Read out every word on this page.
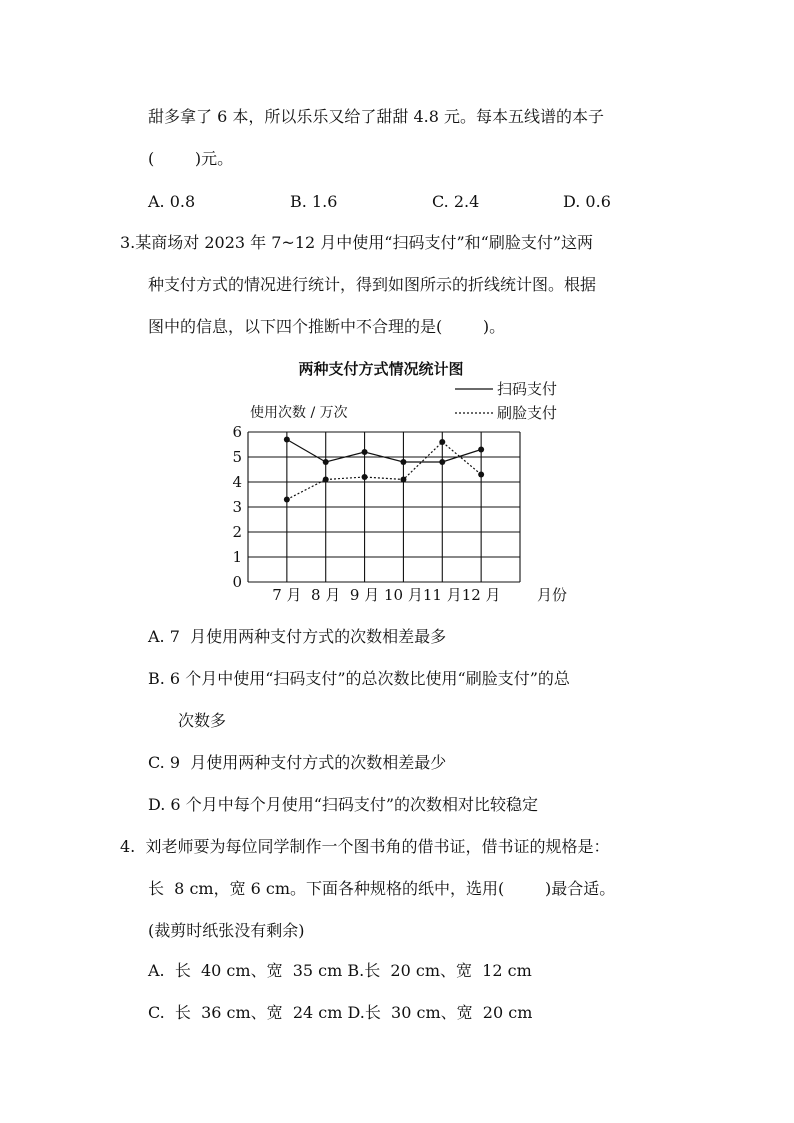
甜多拿了 6 本，所以乐乐又给了甜甜 4.8 元。每本五线谱的本子
(        )元。
A. 0.8	B. 1.6	C. 2.4	D. 0.6
3.某商场对 2023 年 7~12 月中使用“扫码支付”和“刷脸支付”这两
种支付方式的情况进行统计，得到如图所示的折线统计图。根据
图中的信息，以下四个推断中不合理的是(        )。
两种支付方式情况统计图
扫码支付
刷脸支付
使用次数 / 万次
0
1
2
3
4
5
6
7 月 8 月 9 月 10 月 11 月 12 月 月份
A. 7  月使用两种支付方式的次数相差最多
B. 6 个月中使用“扫码支付”的总次数比使用“刷脸支付”的总
次数多
C. 9  月使用两种支付方式的次数相差最少
D. 6 个月中每个月使用“扫码支付”的次数相对比较稳定
4.  刘老师要为每位同学制作一个图书角的借书证，借书证的规格是：
长  8 cm，宽 6 cm。下面各种规格的纸中，选用(        )最合适。
(裁剪时纸张没有剩余)
A.  长  40 cm、宽  35 cm B.长  20 cm、宽  12 cm
C.  长  36 cm、宽  24 cm D.长  30 cm、宽  20 cm
